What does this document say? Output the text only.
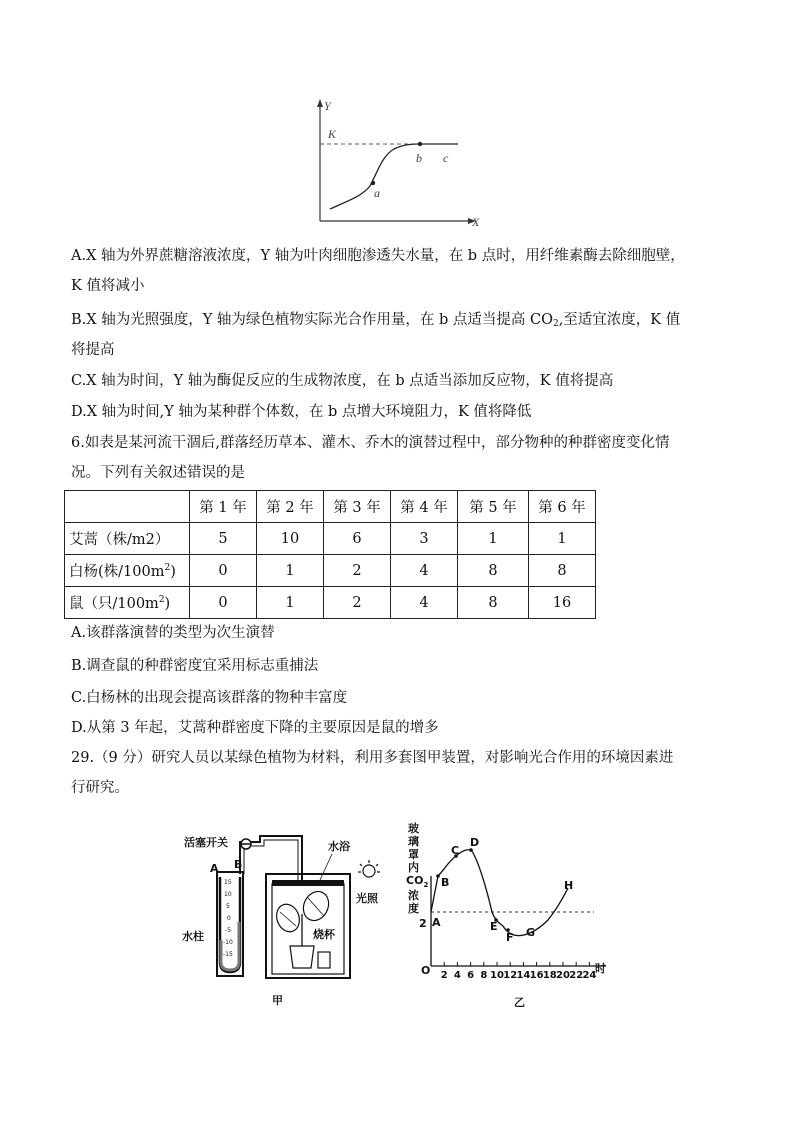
Y
X
K
a
b c
A.X 轴为外界蔗糖溶液浓度，Y 轴为叶肉细胞渗透失水量，在 b 点时，用纤维素酶去除细胞壁，
K 值将减小
B.X 轴为光照强度，Y 轴为绿色植物实际光合作用量，在 b 点适当提高 $CO_2$,至适宜浓度，K 值
将提高
C.X 轴为时间，Y 轴为酶促反应的生成物浓度，在 b 点适当添加反应物，K 值将提高
D.X 轴为时间,Y 轴为某种群个体数，在 b 点增大环境阻力，K 值将降低
6.如表是某河流干涸后,群落经历草本、灌木、乔木的演替过程中，部分物种的种群密度变化情
况。下列有关叙述错误的是
	第 1 年	第 2 年	第 3 年	第 4 年	第 5 年	第 6 年
艾蒿（株/m2）	5	10	6	3	1	1
白杨(株$/100m^2$)	0	1	2	4	8	8
鼠（只$/100m^2$)	0	1	2	4	8	16
A.该群落演替的类型为次生演替
B.调查鼠的种群密度宜采用标志重捕法
C.白杨林的出现会提高该群落的物种丰富度
D.从第 3 年起，艾蒿种群密度下降的主要原因是鼠的增多
29.（9 分）研究人员以某绿色植物为材料，利用多套图甲装置，对影响光合作用的环境因素进
行研究。
15
10
5
0
-5
-10
-15
活塞开关
A B
水柱
水浴
光照
烧杯
甲
玻
璃
罩
内
$CO_2$
浓
度
2
O 2 4 6 8 10 12 14 16 18 20 22 24
时
A
B
C
D
E
F G
H
乙
